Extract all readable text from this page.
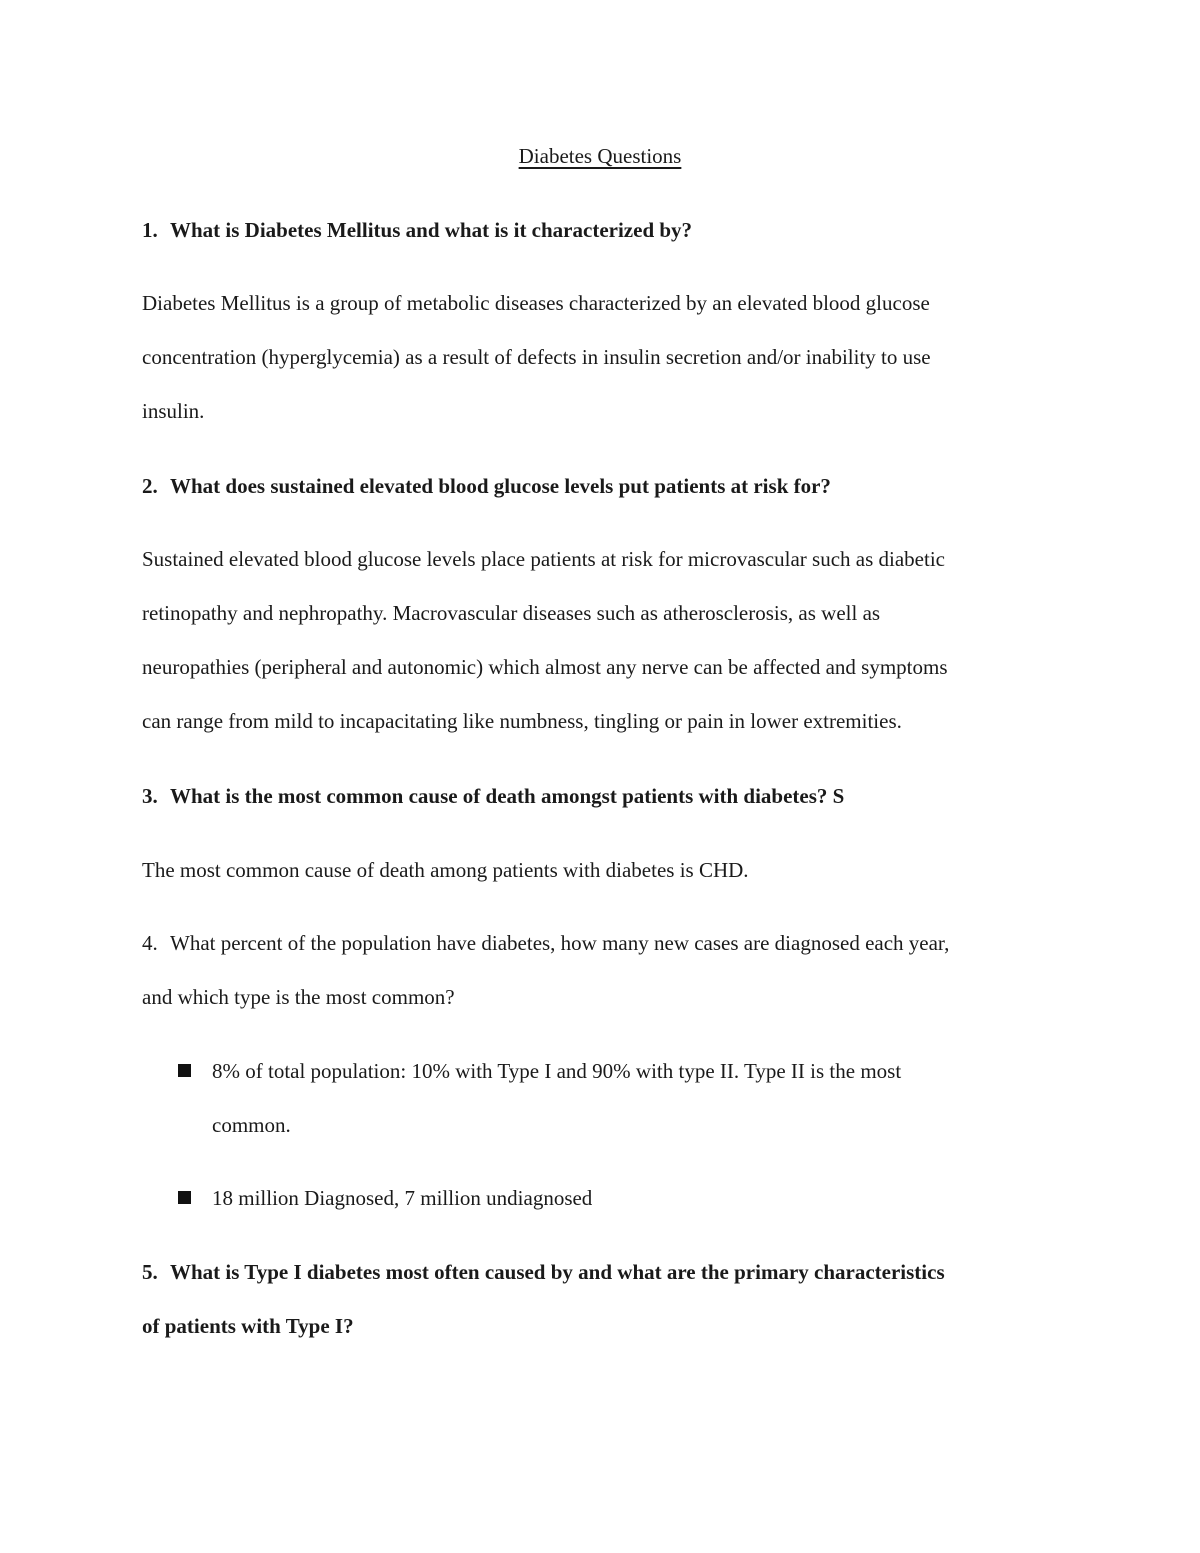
Diabetes Questions
1. What is Diabetes Mellitus and what is it characterized by?
Diabetes Mellitus is a group of metabolic diseases characterized by an elevated blood glucose
concentration (hyperglycemia) as a result of defects in insulin secretion and/or inability to use
insulin.
2. What does sustained elevated blood glucose levels put patients at risk for?
Sustained elevated blood glucose levels place patients at risk for microvascular such as diabetic
retinopathy and nephropathy. Macrovascular diseases such as atherosclerosis, as well as
neuropathies (peripheral and autonomic) which almost any nerve can be affected and symptoms
can range from mild to incapacitating like numbness, tingling or pain in lower extremities.
3. What is the most common cause of death amongst patients with diabetes? S
The most common cause of death among patients with diabetes is CHD.
4. What percent of the population have diabetes, how many new cases are diagnosed each year,
and which type is the most common?
8% of total population: 10% with Type I and 90% with type II. Type II is the most
common.
18 million Diagnosed, 7 million undiagnosed
5. What is Type I diabetes most often caused by and what are the primary characteristics
of patients with Type I?
